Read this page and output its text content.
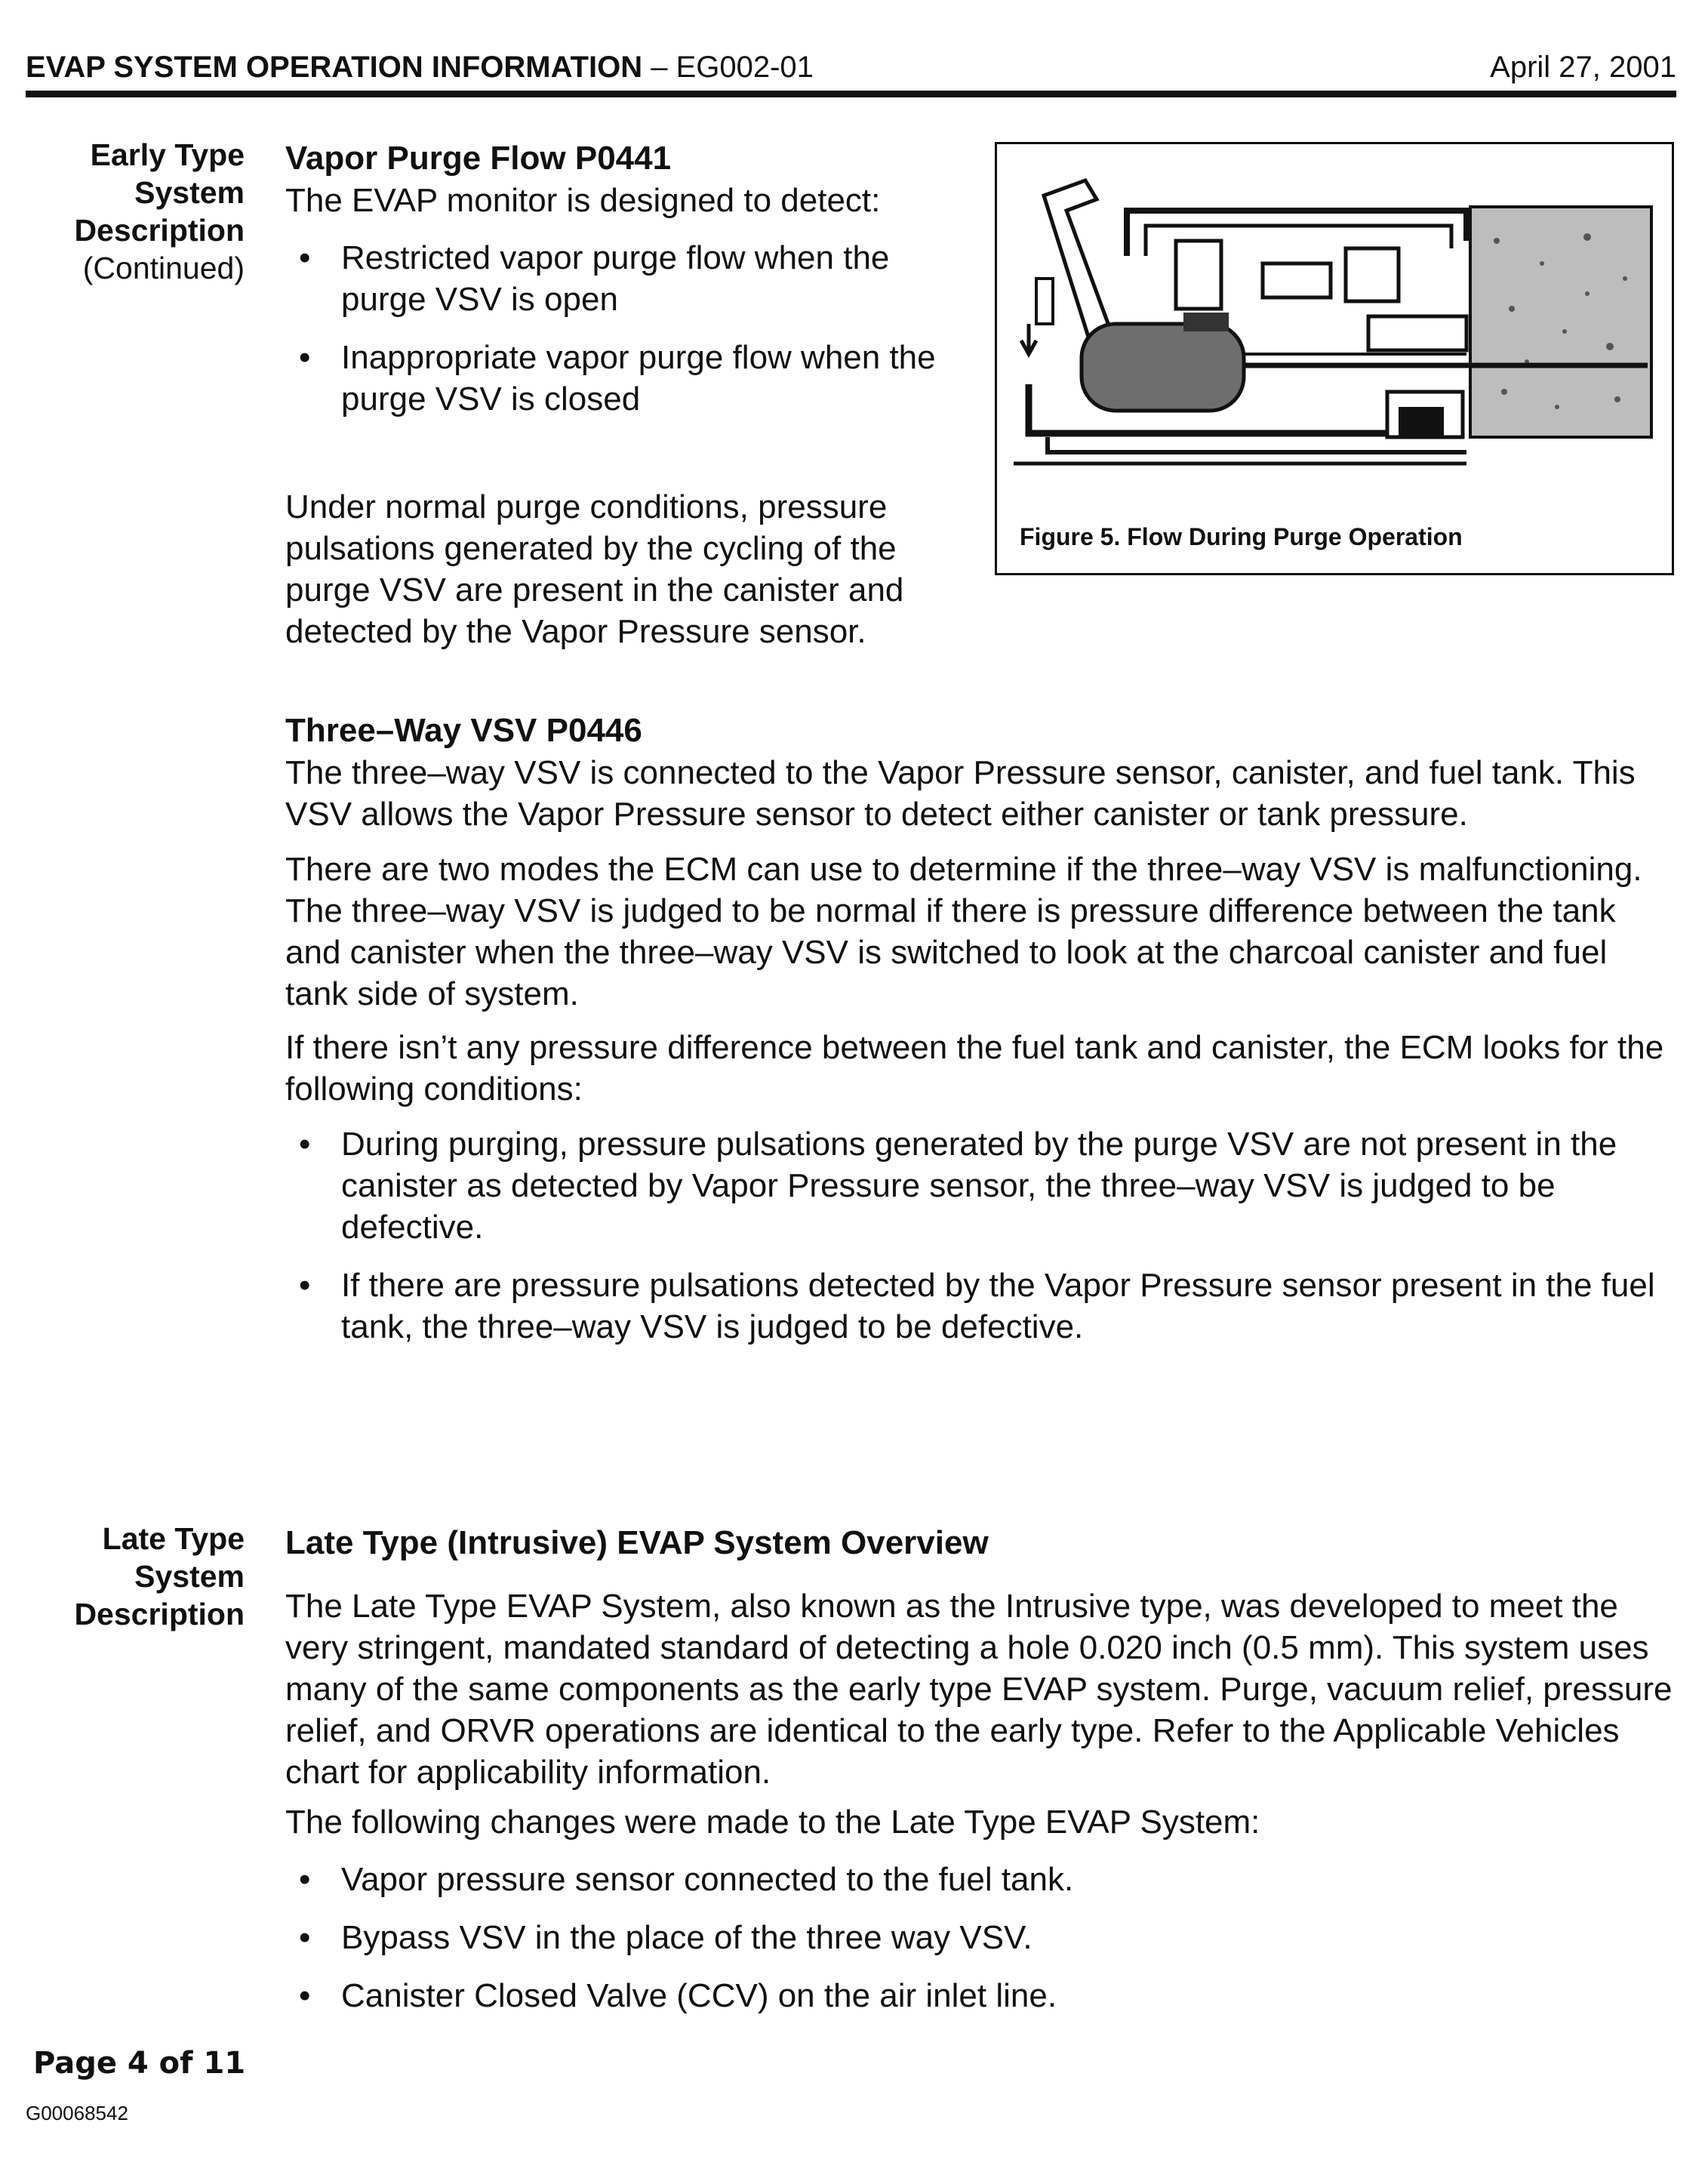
EVAP SYSTEM OPERATION INFORMATION – EG002-01	April 27, 2001
Early Type
System
Description
(Continued)
Vapor Purge Flow P0441

The EVAP monitor is designed to detect:

• Restricted vapor purge flow when the purge VSV is open
• Inappropriate vapor purge flow when the purge VSV is closed

Under normal purge conditions, pressure pulsations generated by the cycling of the purge VSV are present in the canister and detected by the Vapor Pressure sensor.

Figure 5. Flow During Purge Operation
Three–Way VSV P0446

The three–way VSV is connected to the Vapor Pressure sensor, canister, and fuel tank. This VSV allows the Vapor Pressure sensor to detect either canister or tank pressure.

There are two modes the ECM can use to determine if the three–way VSV is malfunctioning. The three–way VSV is judged to be normal if there is pressure difference between the tank and canister when the three–way VSV is switched to look at the charcoal canister and fuel tank side of system.

If there isn’t any pressure difference between the fuel tank and canister, the ECM looks for the following conditions:

• During purging, pressure pulsations generated by the purge VSV are not present in the canister as detected by Vapor Pressure sensor, the three–way VSV is judged to be defective.
• If there are pressure pulsations detected by the Vapor Pressure sensor present in the fuel tank, the three–way VSV is judged to be defective.
Late Type
System
Description
Late Type (Intrusive) EVAP System Overview

The Late Type EVAP System, also known as the Intrusive type, was developed to meet the very stringent, mandated standard of detecting a hole 0.020 inch (0.5 mm). This system uses many of the same components as the early type EVAP system. Purge, vacuum relief, pressure relief, and ORVR operations are identical to the early type. Refer to the Applicable Vehicles chart for applicability information.

The following changes were made to the Late Type EVAP System:

• Vapor pressure sensor connected to the fuel tank.
• Bypass VSV in the place of the three way VSV.
• Canister Closed Valve (CCV) on the air inlet line.
Page 4 of 11
G00068542
